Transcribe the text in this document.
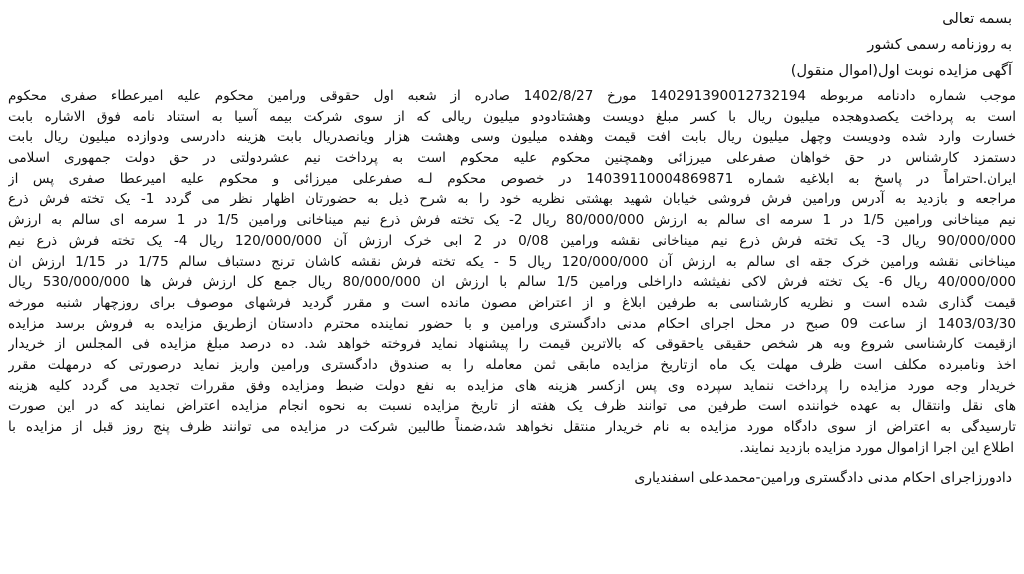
بسمه تعالی
به روزنامه رسمی کشور
آگهی مزایده نوبت اول(اموال منقول)
موجب شماره دادنامه مربوطه 140291390012732194 مورخ 1402/8/27 صادره از شعبه اول حقوقی ورامین محکوم علیه امیرعطاء صفری محکوم
است به پرداخت یکصدوهجده میلیون ریال با کسر مبلغ دویست وهشتادودو میلیون ریالی که از سوی شرکت بیمه آسیا به استناد نامه فوق الاشاره بابت
خسارت وارد شده ودویست وچهل میلیون ریال بابت افت قیمت وهفده میلیون وسی وهشت هزار ویانصدریال بابت هزینه دادرسی ودوازده میلیون ریال بابت
دستمزد کارشناس در حق خواهان صفرعلی میرزائی وهمچنین محکوم علیه محکوم است به پرداخت نیم عشردولتی در حق دولت جمهوری اسلامی
ایران.احتراماً در پاسخ به ابلاغیه شماره 14039110004869871 در خصوص محکوم لـه صفرعلی میرزائی و محکوم علیه امیرعطا صفری پس از
مراجعه و بازدید به آدرس ورامین فرش فروشی خیابان شهید بهشتی نظریه خود را به شرح ذیل به حضورتان اظهار نظر می گردد 1- یک تخته فرش ذرع
نیم میناخانی ورامین 1/5 در 1 سرمه ای سالم به ارزش 80/000/000 ریال 2- یک تخته فرش ذرع نیم میناخانی ورامین 1/5 در 1 سرمه ای سالم به ارزش
90/000/000 ریال 3- یک تخته فرش ذرع نیم میناخانی نقشه ورامین 0/08 در 2 ابی خرک ارزش آن 120/000/000 ریال 4- یک تخته فرش ذرع نیم
میناخانی نقشه ورامین خرک جقه ای سالم به ارزش آن 120/000/000 ریال 5 - یکه تخته فرش نقشه کاشان ترنج دستباف سالم 1/75 در 1/15 ارزش ان
40/000/000 ریال 6- یک تخته فرش لاکی نفیثشه داراخلی ورامین 1/5 سالم با ارزش ان 80/000/000 ریال جمع کل ارزش فرش ها 530/000/000 ریال
قیمت گذاری شده است و نظریه کارشناسی به طرفین ابلاغ و از اعتراض مصون مانده است و مقرر گردید فرشهای موصوف برای روزچهار شنبه مورخه
1403/03/30 از ساعت 09 صبح در محل اجرای احکام مدنی دادگستری ورامین و با حضور نماینده محترم دادستان ازطریق مزایده به فروش برسد مزایده
ازقیمت کارشناسی شروع وبه هر شخص حقیقی یاحقوقی که بالاترین قیمت را پیشنهاد نماید فروخته خواهد شد. ده درصد مبلغ مزایده فی المجلس از خریدار
اخذ ونامبرده مکلف است ظرف مهلت یک ماه ازتاریخ مزایده مابقی ثمن معامله را به صندوق دادگستری ورامین واریز نماید درصورتی که درمهلت مقرر
خریدار وجه مورد مزایده را پرداخت ننماید سپرده وی پس ازکسر هزینه های مزایده به نفع دولت ضبط ومزایده وفق مقررات تجدید می گردد کلیه هزینه
های نقل وانتقال به عهده خواننده است طرفین می توانند ظرف یک هفته از تاریخ مزایده نسبت به نحوه انجام مزایده اعتراض نمایند که در این صورت
تارسیدگی به اعتراض از سوی دادگاه مورد مزایده به نام خریدار منتقل نخواهد شد،ضمناً طالبین شرکت در مزایده می توانند ظرف پنج روز قبل از مزایده با
اطلاع این اجرا ازاموال مورد مزایده بازدید نمایند.
دادورزاجرای احکام مدنی دادگستری ورامین-محمدعلی اسفندیاری
